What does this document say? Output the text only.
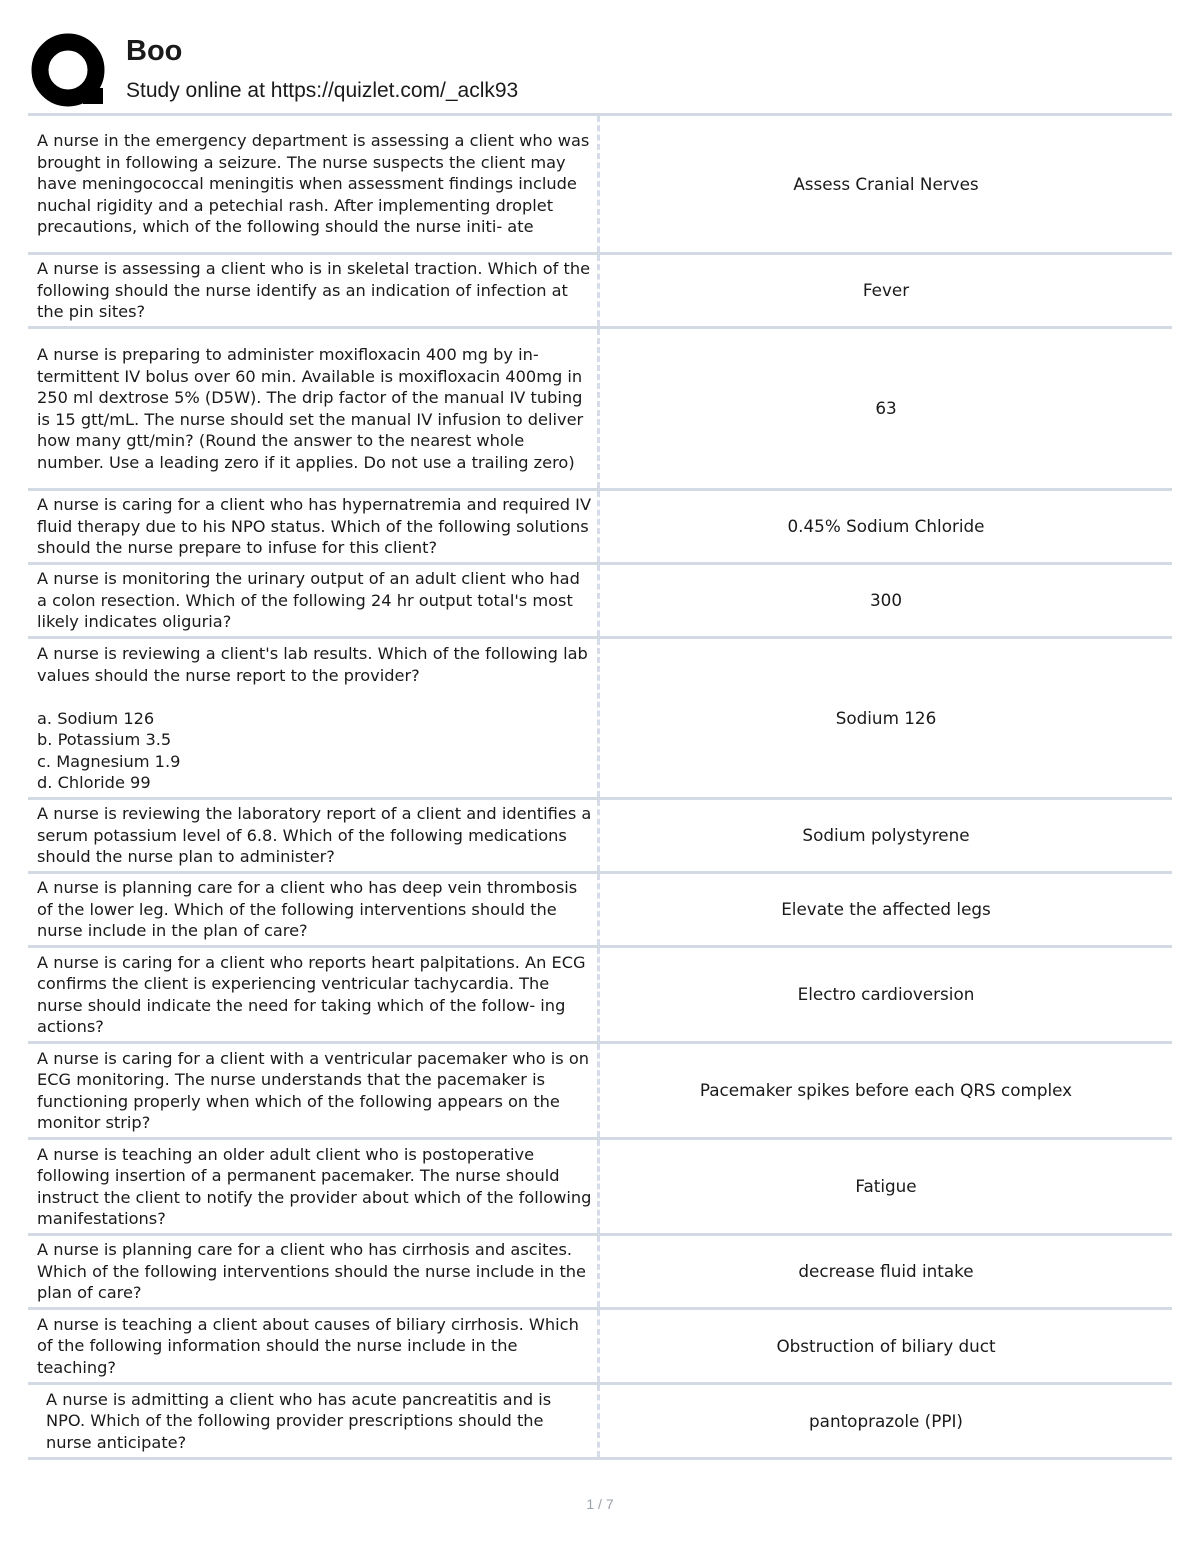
Boo
Study online at https://quizlet.com/_aclk93
A nurse in the emergency department is assessing a client who was brought in following a seizure. The nurse suspects the client may have meningococcal meningitis when assessment findings include nuchal rigidity and a petechial rash. After implementing droplet precautions, which of the following should the nurse initi- ate
Assess Cranial Nerves
A nurse is assessing a client who is in skeletal traction. Which of the following should the nurse identify as an indication of infection at the pin sites?
Fever
A nurse is preparing to administer moxifloxacin 400 mg by in- termittent IV bolus over 60 min. Available is moxifloxacin 400mg in 250 ml dextrose 5% (D5W). The drip factor of the manual IV tubing is 15 gtt/mL. The nurse should set the manual IV infusion to deliver how many gtt/min? (Round the answer to the nearest whole number. Use a leading zero if it applies. Do not use a trailing zero)
63
A nurse is caring for a client who has hypernatremia and required IV fluid therapy due to his NPO status. Which of the following solutions should the nurse prepare to infuse for this client?
0.45% Sodium Chloride
A nurse is monitoring the urinary output of an adult client who had a colon resection. Which of the following 24 hr output total's most likely indicates oliguria?
300
A nurse is reviewing a client's lab results. Which of the following lab values should the nurse report to the provider?

a. Sodium 126
b. Potassium 3.5
c. Magnesium 1.9
d. Chloride 99
Sodium 126
A nurse is reviewing the laboratory report of a client and identifies a serum potassium level of 6.8. Which of the following medications should the nurse plan to administer?
Sodium polystyrene
A nurse is planning care for a client who has deep vein thrombosis of the lower leg. Which of the following interventions should the nurse include in the plan of care?
Elevate the affected legs
A nurse is caring for a client who reports heart palpitations. An ECG confirms the client is experiencing ventricular tachycardia. The nurse should indicate the need for taking which of the follow- ing actions?
Electro cardioversion
A nurse is caring for a client with a ventricular pacemaker who is on ECG monitoring. The nurse understands that the pacemaker is functioning properly when which of the following appears on the monitor strip?
Pacemaker spikes before each QRS complex
A nurse is teaching an older adult client who is postoperative following insertion of a permanent pacemaker. The nurse should instruct the client to notify the provider about which of the following manifestations?
Fatigue
A nurse is planning care for a client who has cirrhosis and ascites. Which of the following interventions should the nurse include in the plan of care?
decrease fluid intake
A nurse is teaching a client about causes of biliary cirrhosis. Which of the following information should the nurse include in the teaching?
Obstruction of biliary duct
A nurse is admitting a client who has acute pancreatitis and is NPO. Which of the following provider prescriptions should the nurse anticipate?
pantoprazole (PPI)
1 / 7
